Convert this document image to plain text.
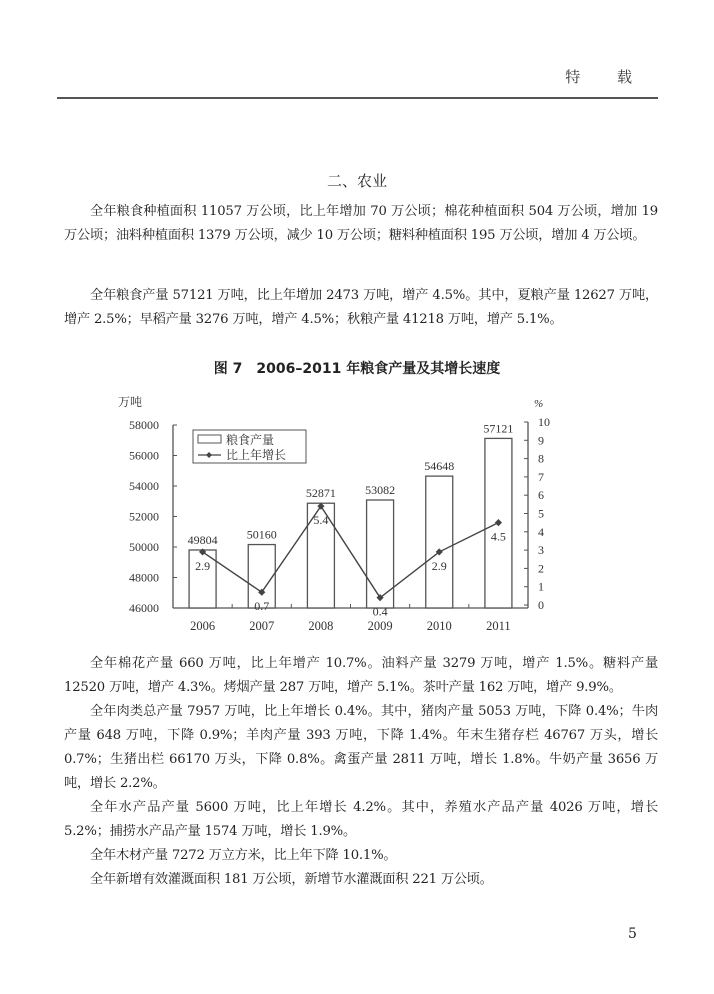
特 载
二、农业

全年粮食种植面积 11057 万公顷，比上年增加 70 万公顷；棉花种植面积 504 万公顷，增加 19 万公顷；油料种植面积 1379 万公顷，减少 10 万公顷；糖料种植面积 195 万公顷，增加 4 万公顷。

全年粮食产量 57121 万吨，比上年增加 2473 万吨，增产 4.5%。其中，夏粮产量 12627 万吨，增产 2.5%；早稻产量 3276 万吨，增产 4.5%；秋粮产量 41218 万吨，增产 5.1%。

图 7　2006–2011 年粮食产量及其增长速度
46000
48000
50000
52000
54000
56000
58000
万吨
0
1
2
3
4
5
6
7
8
9
10
%
49804
2006
50160
2007
52871
2008
53082
2009
54648
2010
57121
2011
2.9
0.7
5.4
0.4
2.9
4.5
粮食产量
比上年增长

全年棉花产量 660 万吨，比上年增产 10.7%。油料产量 3279 万吨，增产 1.5%。糖料产量 12520 万吨，增产 4.3%。烤烟产量 287 万吨，增产 5.1%。茶叶产量 162 万吨，增产 9.9%。

全年肉类总产量 7957 万吨，比上年增长 0.4%。其中，猪肉产量 5053 万吨，下降 0.4%；牛肉产量 648 万吨，下降 0.9%；羊肉产量 393 万吨，下降 1.4%。年末生猪存栏 46767 万头，增长 0.7%；生猪出栏 66170 万头，下降 0.8%。禽蛋产量 2811 万吨，增长 1.8%。牛奶产量 3656 万吨，增长 2.2%。

全年水产品产量 5600 万吨，比上年增长 4.2%。其中，养殖水产品产量 4026 万吨，增长 5.2%；捕捞水产品产量 1574 万吨，增长 1.9%。

全年木材产量 7272 万立方米，比上年下降 10.1%。

全年新增有效灌溉面积 181 万公顷，新增节水灌溉面积 221 万公顷。

5
